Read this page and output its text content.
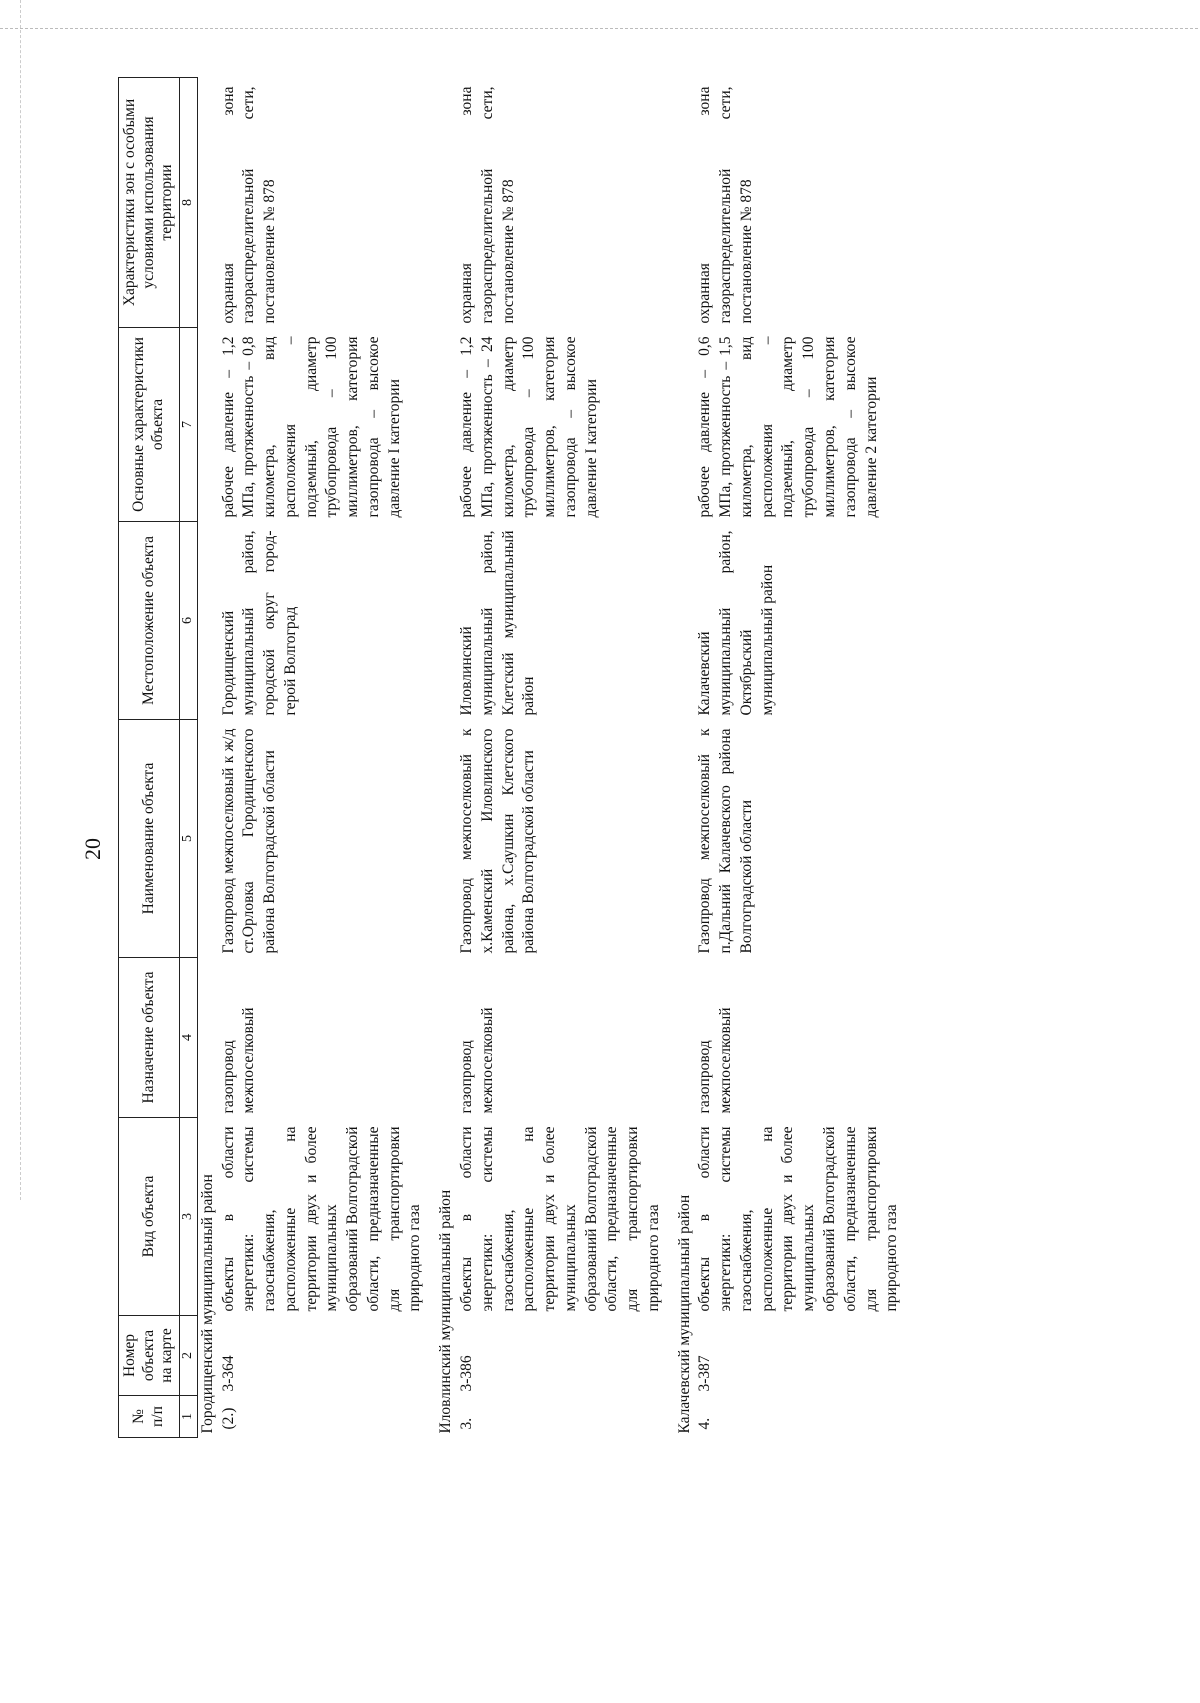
20
№ п/п	Номер объекта на карте	Вид объекта	Назначение объекта	Наименование объекта	Местоположение объекта	Основные характеристики объекта	Характеристики зон с особыми условиями использования территории
1	2	3	4	5	6	7	8
Городищенский муниципальный район							
(2.)	3-364	объекты в области энергетики: системы газоснабжения, расположенные на территории двух и более муниципальных образований Волгоградской области, предназначенные для транспортировки природного газа	газопровод межпоселковый	Газопровод межпоселковый к ж/д ст.Орловка Городищенского района Волгоградской области	Городищенский муниципальный район, городской округ город-герой Волгоград	рабочее давление – 1,2 МПа, протяженность – 0,8 километра, вид расположения – подземный, диаметр трубопровода – 100 миллиметров, категория газопровода – высокое давление I категории	охранная зона газораспределительной сети, постановление № 878

Иловлинский муниципальный район							
3.	3-386	объекты в области энергетики: системы газоснабжения, расположенные на территории двух и более муниципальных образований Волгоградской области, предназначенные для транспортировки природного газа	газопровод межпоселковый	Газопровод межпоселковый к х.Каменский Иловлинского района, х.Саушкин Клетского района Волгоградской области	Иловлинский муниципальный район, Клетский муниципальный район	рабочее давление – 1,2 МПа, протяженность – 24 километра, диаметр трубопровода – 100 миллиметров, категория газопровода – высокое давление I категории	охранная зона газораспределительной сети, постановление № 878

Калачевский муниципальный район							
4.	3-387	объекты в области энергетики: системы газоснабжения, расположенные на территории двух и более муниципальных образований Волгоградской области, предназначенные для транспортировки природного газа	газопровод межпоселковый	Газопровод межпоселковый к п.Дальний Калачевского района Волгоградской области	Калачевский муниципальный район, Октябрьский муниципальный район	рабочее давление – 0,6 МПа, протяженность – 1,5 километра, вид расположения – подземный, диаметр трубопровода – 100 миллиметров, категория газопровода – высокое давление 2 категории	охранная зона газораспределительной сети, постановление № 878
